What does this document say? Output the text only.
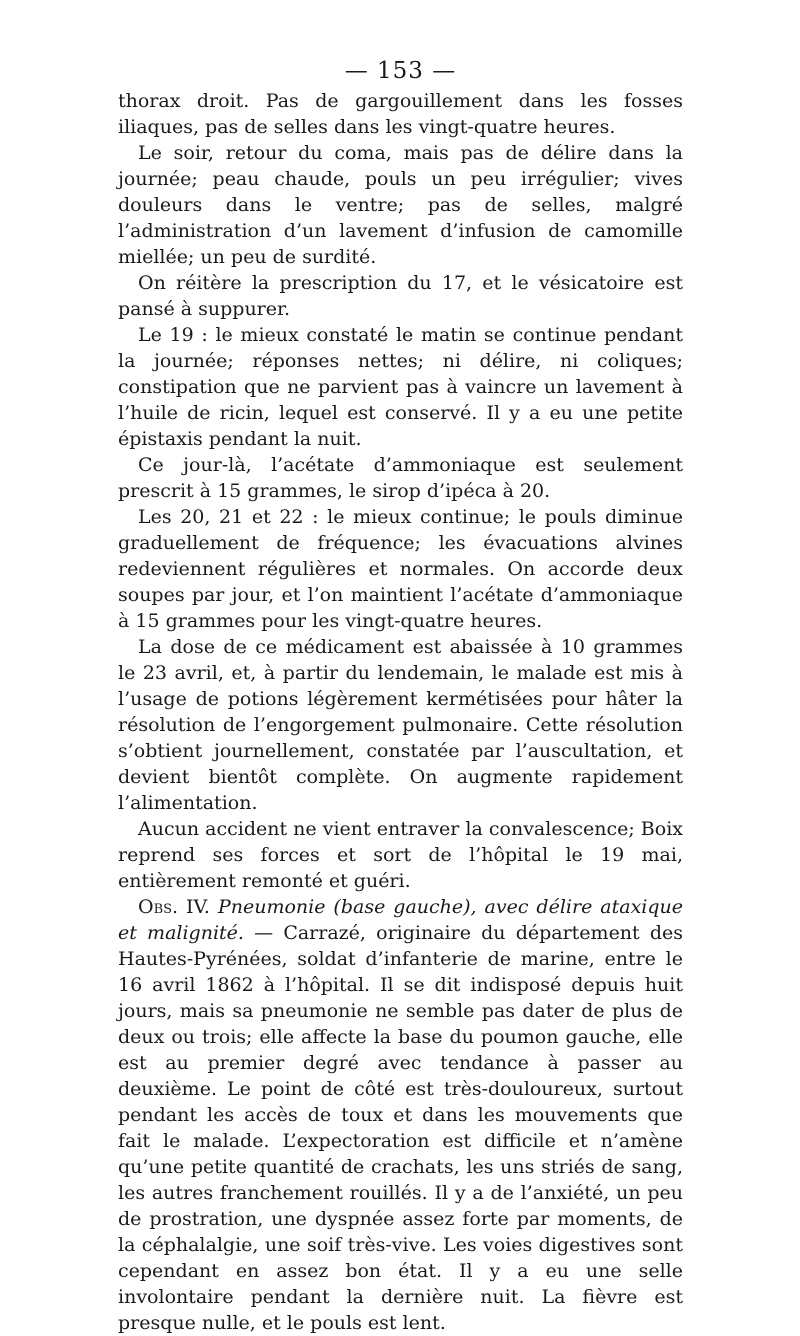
— 153 —

thorax droit. Pas de gargouillement dans les fosses iliaques, pas de selles dans les vingt-quatre heures.

Le soir, retour du coma, mais pas de délire dans la journée; peau chaude, pouls un peu irrégulier; vives douleurs dans le ventre; pas de selles, malgré l’administration d’un lavement d’infusion de camomille miellée; un peu de surdité.

On réitère la prescription du 17, et le vésicatoire est pansé à suppurer.

Le 19 : le mieux constaté le matin se continue pendant la journée; réponses nettes; ni délire, ni coliques; constipation que ne parvient pas à vaincre un lavement à l’huile de ricin, lequel est conservé. Il y a eu une petite épistaxis pendant la nuit.

Ce jour-là, l’acétate d’ammoniaque est seulement prescrit à 15 grammes, le sirop d’ipéca à 20.

Les 20, 21 et 22 : le mieux continue; le pouls diminue graduellement de fréquence; les évacuations alvines redeviennent régulières et normales. On accorde deux soupes par jour, et l’on maintient l’acétate d’ammoniaque à 15 grammes pour les vingt-quatre heures.

La dose de ce médicament est abaissée à 10 grammes le 23 avril, et, à partir du lendemain, le malade est mis à l’usage de potions légèrement kermétisées pour hâter la résolution de l’engorgement pulmonaire. Cette résolution s’obtient journellement, constatée par l’auscultation, et devient bientôt complète. On augmente rapidement l’alimentation.

Aucun accident ne vient entraver la convalescence; Boix reprend ses forces et sort de l’hôpital le 19 mai, entièrement remonté et guéri.

Obs. IV. Pneumonie (base gauche), avec délire ataxique et malignité. — Carrazé, originaire du département des Hautes-Pyrénées, soldat d’infanterie de marine, entre le 16 avril 1862 à l’hôpital. Il se dit indisposé depuis huit jours, mais sa pneumonie ne semble pas dater de plus de deux ou trois; elle affecte la base du poumon gauche, elle est au premier degré avec tendance à passer au deuxième. Le point de côté est très-douloureux, surtout pendant les accès de toux et dans les mouvements que fait le malade. L’expectoration est difficile et n’amène qu’une petite quantité de crachats, les uns striés de sang, les autres franchement rouillés. Il y a de l’anxiété, un peu de prostration, une dyspnée assez forte par moments, de la céphalalgie, une soif très-vive. Les voies digestives sont cependant en assez bon état. Il y a eu une selle involontaire pendant la dernière nuit. La fièvre est presque nulle, et le pouls est lent.
